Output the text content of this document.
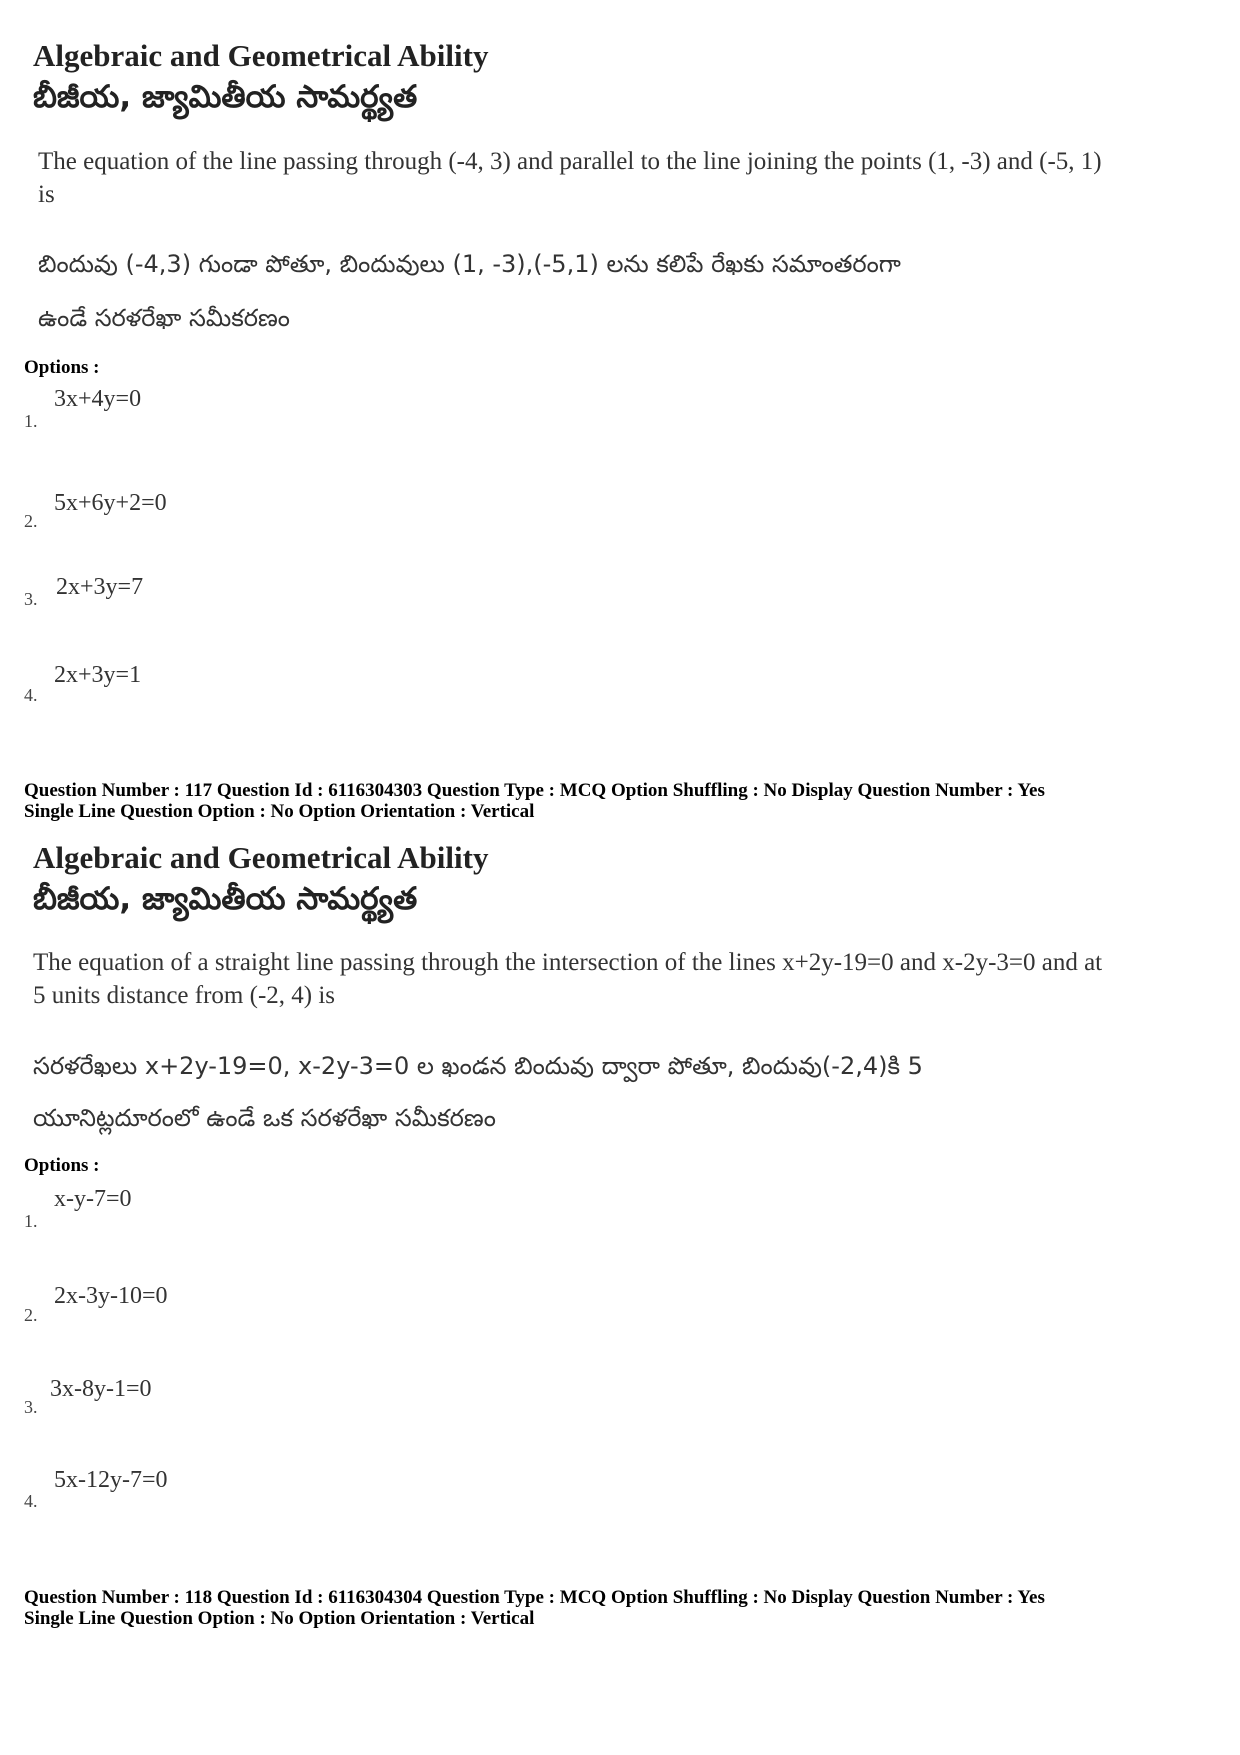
Algebraic and Geometrical Ability
బీజీయ, జ్యామితీయ సామర్థ్యత
The equation of the line passing through (-4, 3) and parallel to the line joining the points (1, -3) and (-5, 1) is
బిందువు (-4,3) గుండా పోతూ, బిందువులు (1, -3),(-5,1) లను కలిపే రేఖకు సమాంతరంగా
ఉండే సరళరేఖా సమీకరణం
Options :
1.
3x+4y=0
2.
5x+6y+2=0
3. 2x+3y=7
4.
2x+3y=1
Question Number : 117 Question Id : 6116304303 Question Type : MCQ Option Shuffling : No Display Question Number : Yes
Single Line Question Option : No Option Orientation : Vertical
Algebraic and Geometrical Ability
బీజీయ, జ్యామితీయ సామర్థ్యత
The equation of a straight line passing through the intersection of the lines x+2y-19=0 and x-2y-3=0 and at 5 units distance from (-2, 4) is
సరళరేఖలు x+2y-19=0, x-2y-3=0 ల ఖండన బిందువు ద్వారా పోతూ, బిందువు(-2,4)కి 5
యూనిట్లదూరంలో ఉండే ఒక సరళరేఖా సమీకరణం
Options :
1.
x-y-7=0
2.
2x-3y-10=0
3.
3x-8y-1=0
4.
5x-12y-7=0
Question Number : 118 Question Id : 6116304304 Question Type : MCQ Option Shuffling : No Display Question Number : Yes
Single Line Question Option : No Option Orientation : Vertical
